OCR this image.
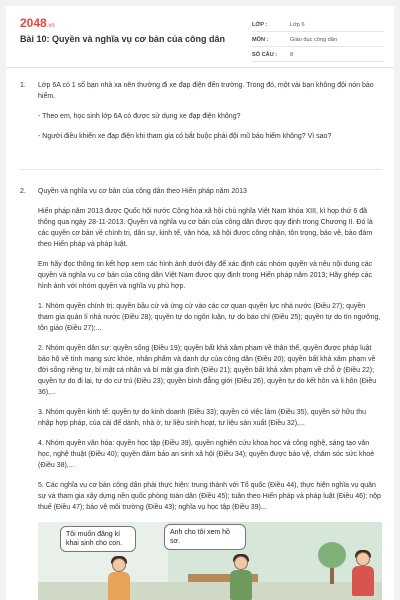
2048.vn
Bài 10: Quyền và nghĩa vụ cơ bản của công dân
LỚP :	Lớp 6
MÔN :	Giáo dục công dân
SỐ CÂU :	8
1.	Lớp 6A có 1 số bạn nhà xa nên thường đi xe đạp điện đến trường. Trong đó, một vài bạn không đội nón bảo hiểm.

- Theo em, học sinh lớp 6A có được sử dụng xe đạp điện không?

- Người điều khiển xe đạp điện khi tham gia có bắt buộc phải đội mũ bảo hiểm không? Vì sao?

2.	Quyền và nghĩa vụ cơ bản của công dân theo Hiến pháp năm 2013

Hiến pháp năm 2013 được Quốc hội nước Cộng hòa xã hội chủ nghĩa Việt Nam khóa XIII, kì họp thứ 6 đã thông qua ngày 28-11-2013. Quyền và nghĩa vụ cơ bản của công dân được quy định trong Chương II. Đó là các quyền cơ bản về chính trị, dân sự, kinh tế, văn hóa, xã hội được công nhận, tôn trọng, bảo vệ, bảo đảm theo Hiến pháp và pháp luật.

Em hãy đọc thông tin kết hợp xem các hình ảnh dưới đây để xác định các nhóm quyền và nêu nội dung các quyền và nghĩa vụ cơ bản của công dân Việt Nam được quy định trong Hiến pháp năm 2013; Hãy ghép các hình ảnh với nhóm quyền và nghĩa vụ phù hợp.

1. Nhóm quyền chính trị: quyền bầu cử và ứng cử vào các cơ quan quyền lực nhà nước (Điều 27); quyền tham gia quản lí nhà nước (Điều 28); quyền tự do ngôn luận, tự do báo chí (Điều 25); quyền tự do tín ngưỡng, tôn giáo (Điều 27);...

2. Nhóm quyền dân sự: quyền sống (Điều 19); quyền bất khả xâm phạm về thân thể, quyền được pháp luật bảo hộ về tính mạng sức khỏe, nhân phẩm và danh dự của công dân (Điều 20); quyền bất khả xâm phạm về đời sống riêng tư, bí mật cá nhân và bí mật gia đình (Điều 21); quyền bất khả xâm phạm về chỗ ở (Điều 22); quyền tự do đi lại, tự do cư trú (Điều 23); quyền bình đẳng giới (Điều 26), quyền tự do kết hôn và li hôn (Điều 36),...

3. Nhóm quyền kinh tế: quyền tự do kinh doanh (Điều 33); quyền có việc làm (Điều 35), quyền sở hữu thu nhập hợp pháp, của cải để dành, nhà ở, tư liệu sinh hoạt, tư liệu sản xuất (Điều 32),...

4. Nhóm quyền văn hóa: quyền học tập (Điều 39), quyền nghiên cứu khoa học và công nghệ, sáng tạo văn học, nghệ thuật (Điều 40); quyền đảm bảo an sinh xã hội (Điều 34); quyền được bảo vệ, chăm sóc sức khoẻ (Điều 38),...

5. Các nghĩa vụ cơ bản công dân phải thực hiện: trung thành với Tổ quốc (Điều 44), thực hiện nghĩa vụ quân sự và tham gia xây dựng nền quốc phòng toàn dân (Điều 45); tuân theo Hiến pháp và pháp luật (Điều 46); nộp thuế (Điều 47); bảo vệ môi trường (Điều 43); nghĩa vụ học tập (Điều 39)...

Tôi muốn đăng kí khai sinh cho con.
Anh cho tôi xem hồ sơ.
